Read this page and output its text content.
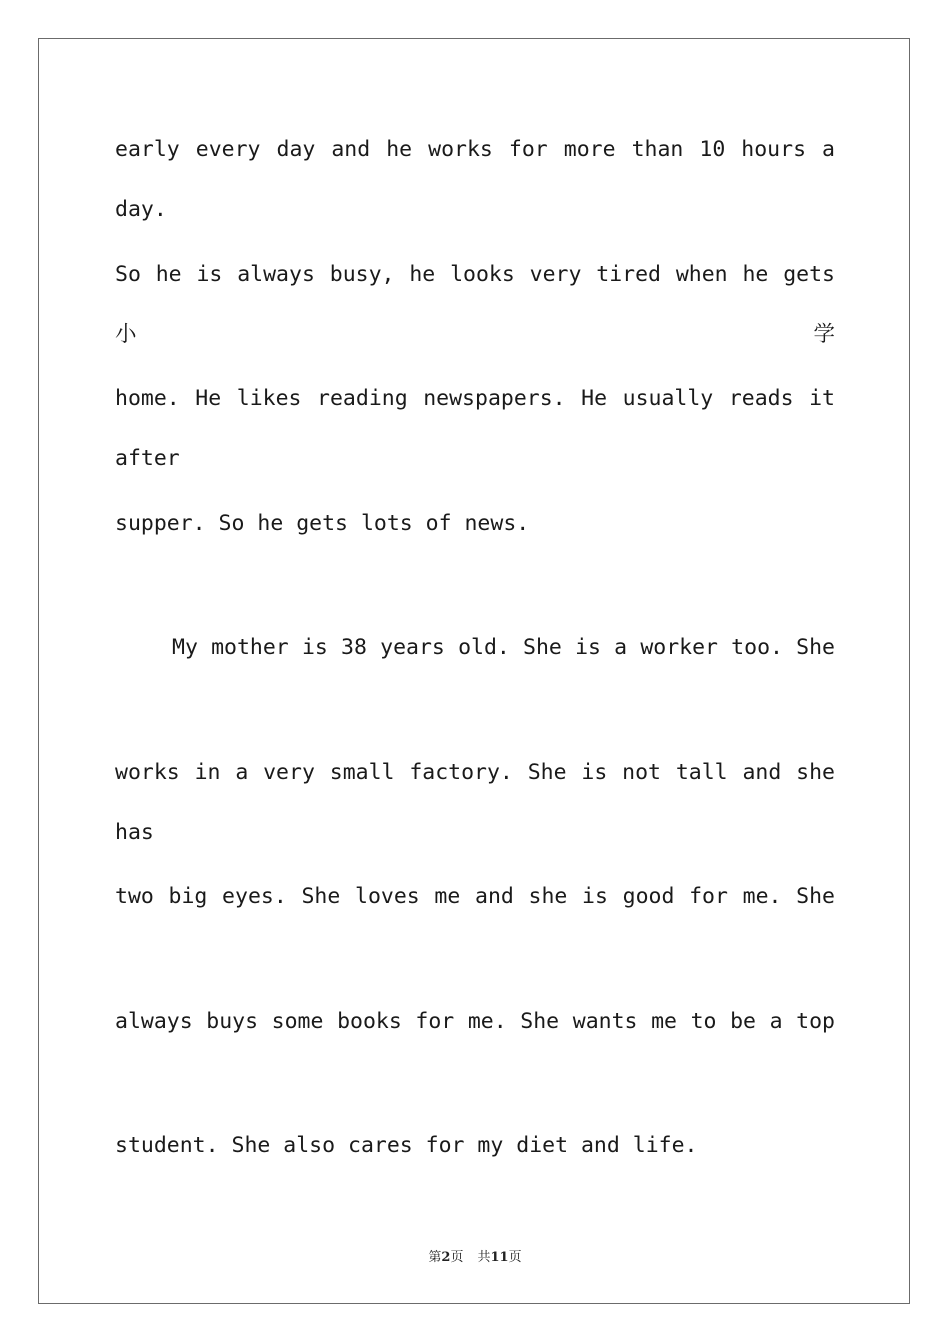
early every day and he works for more than 10 hours a day.
So he is always busy, he looks very tired when he gets 小学
home. He likes reading newspapers. He usually reads it after
supper. So he gets lots of news.
My mother is 38 years old. She is a worker too. She
works in a very small factory. She is not tall and she has
two big eyes. She loves me and she is good for me. She
always buys some books for me. She wants me to be a top
student. She also cares for my diet and life.
第2页 共11页
